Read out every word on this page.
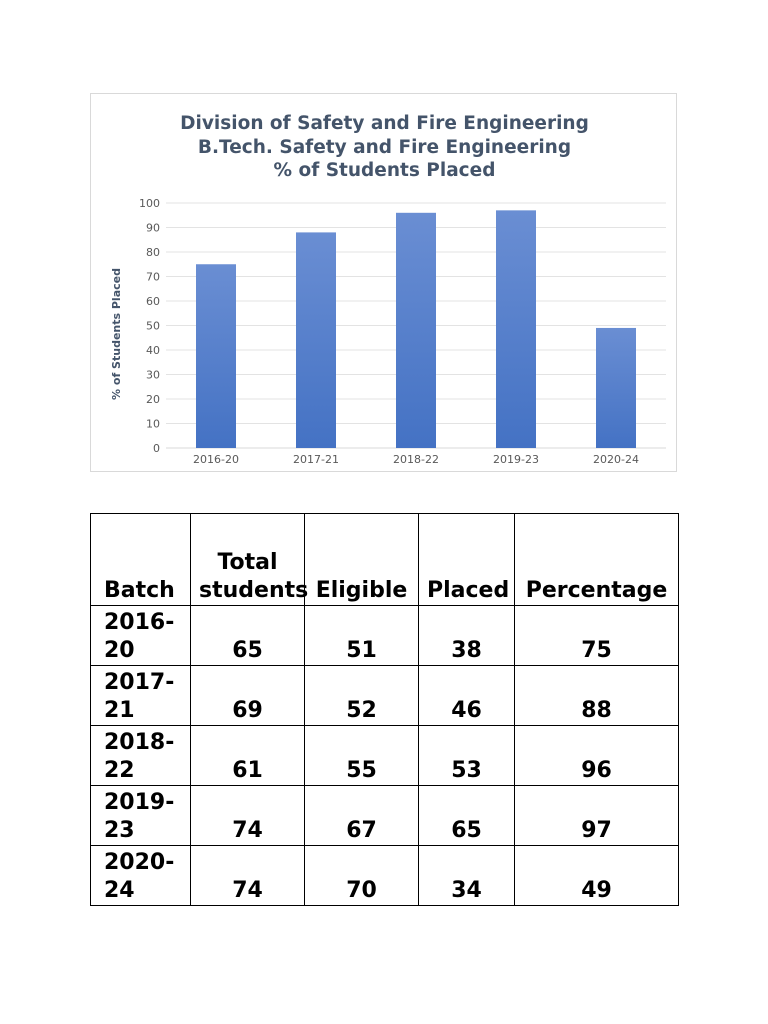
0
10
20
30
40
50
60
70
80
90
100
2016-20	2017-21	2018-22	2019-23	2020-24
% of Students Placed
Division of Safety and Fire Engineering
B.Tech. Safety and Fire Engineering
% of Students Placed
Batch	Total students	Eligible	Placed	Percentage
2016-20	65	51	38	75
2017-21	69	52	46	88
2018-22	61	55	53	96
2019-23	74	67	65	97
2020-24	74	70	34	49
